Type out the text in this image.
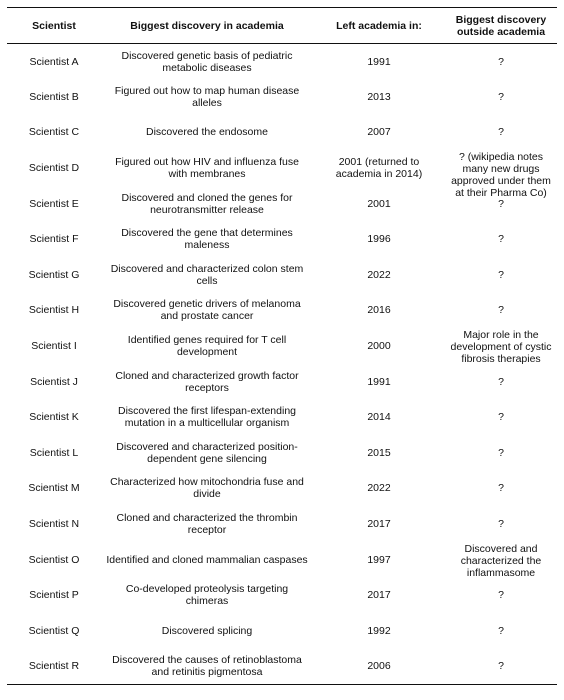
Scientist	Biggest discovery in academia	Left academia in:	Biggest discovery outside academia

Scientist A	Discovered genetic basis of pediatric metabolic diseases	1991	?

Scientist B	Figured out how to map human disease alleles	2013	?

Scientist C	Discovered the endosome	2007	?

Scientist D	Figured out how HIV and influenza fuse with membranes	2001 (returned to academia in 2014)	? (wikipedia notes many new drugs approved under them at their Pharma Co)

Scientist E	Discovered and cloned the genes for neurotransmitter release	2001	?

Scientist F	Discovered the gene that determines maleness	1996	?

Scientist G	Discovered and characterized colon stem cells	2022	?

Scientist H	Discovered genetic drivers of melanoma and prostate cancer	2016	?

Scientist I	Identified genes required for T cell development	2000	Major role in the development of cystic fibrosis therapies

Scientist J	Cloned and characterized growth factor receptors	1991	?

Scientist K	Discovered the first lifespan-extending mutation in a multicellular organism	2014	?

Scientist L	Discovered and characterized position-dependent gene silencing	2015	?

Scientist M	Characterized how mitochondria fuse and divide	2022	?

Scientist N	Cloned and characterized the thrombin receptor	2017	?

Scientist O	Identified and cloned mammalian caspases	1997	Discovered and characterized the inflammasome

Scientist P	Co-developed proteolysis targeting chimeras	2017	?

Scientist Q	Discovered splicing	1992	?

Scientist R	Discovered the causes of retinoblastoma and retinitis pigmentosa	2006	?
